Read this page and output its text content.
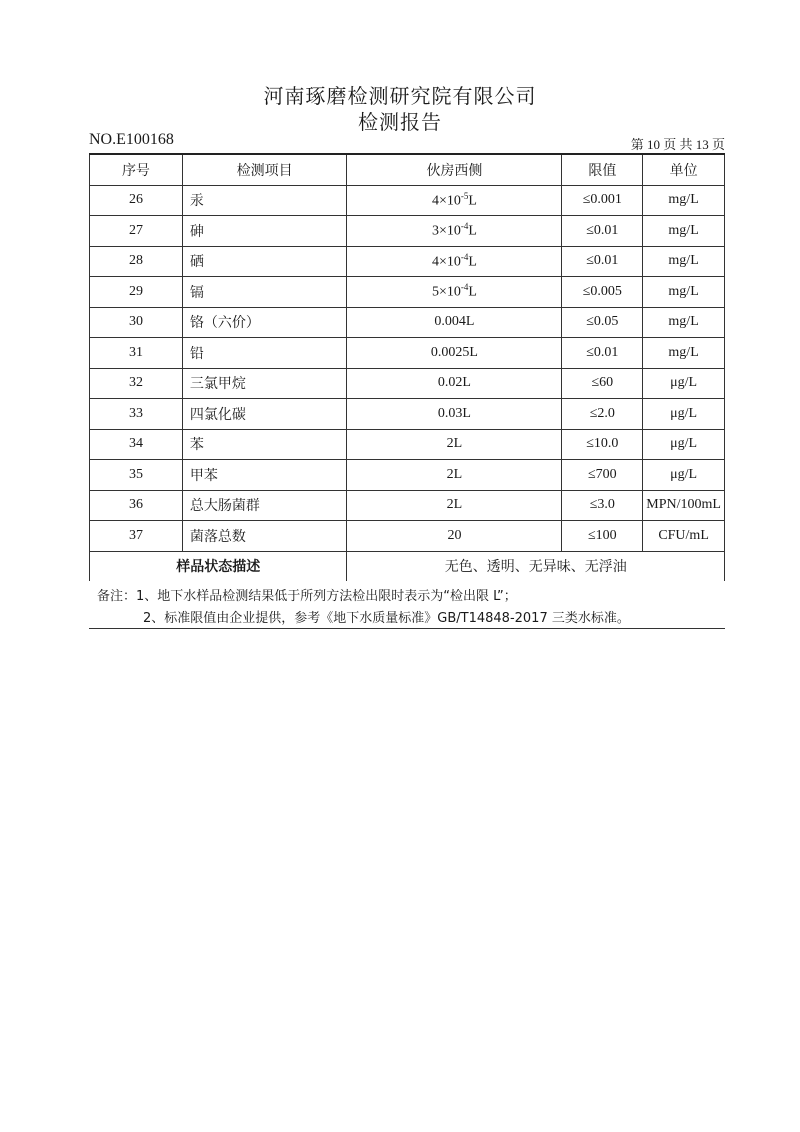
河南琢磨检测研究院有限公司
检测报告
NO.E100168	第 10 页 共 13 页
序号	检测项目	伙房西侧	限值	单位
26	汞	$4\times 10^{-5}L$	≤0.001	mg/L
27	砷	$3\times 10^{-4}L$	≤0.01	mg/L
28	硒	$4\times 10^{-4}L$	≤0.01	mg/L
29	镉	$5\times 10^{-4}L$	≤0.005	mg/L
30	铬（六价）	0.004L	≤0.05	mg/L
31	铅	0.0025L	≤0.01	mg/L
32	三氯甲烷	0.02L	≤60	μg/L
33	四氯化碳	0.03L	≤2.0	μg/L
34	苯	2L	≤10.0	μg/L
35	甲苯	2L	≤700	μg/L
36	总大肠菌群	2L	≤3.0	MPN/100mL
37	菌落总数	20	≤100	CFU/mL
样品状态描述		无色、透明、无异味、无浮油		
备注：1、地下水样品检测结果低于所列方法检出限时表示为“检出限 L”；
2、标准限值由企业提供，参考《地下水质量标准》GB/T14848-2017 三类水标准。
